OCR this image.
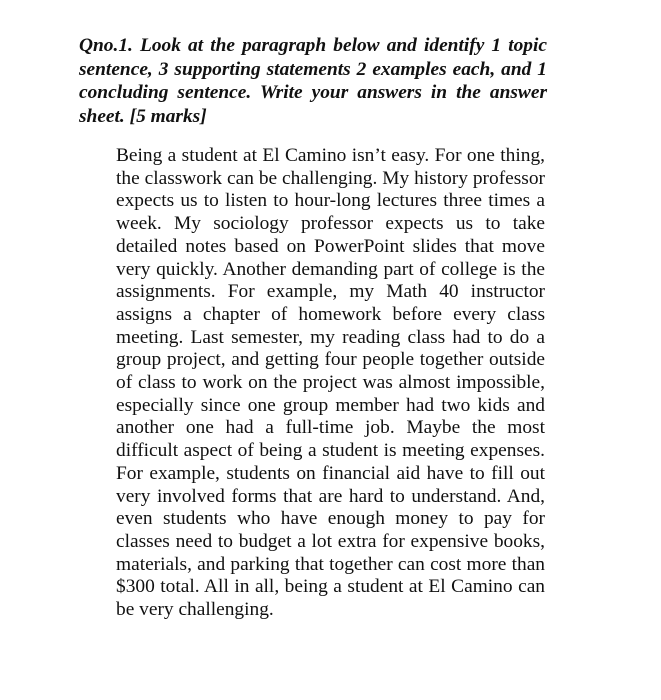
Qno.1. Look at the paragraph below and identify 1 topic sentence, 3 supporting statements 2 examples each, and 1 concluding sentence. Write your answers in the answer sheet. [5 marks]

Being a student at El Camino isn’t easy. For one thing, the classwork can be challenging. My history professor expects us to listen to hour-long lectures three times a week. My sociology professor expects us to take detailed notes based on PowerPoint slides that move very quickly. Another demanding part of college is the assignments. For example, my Math 40 instructor assigns a chapter of homework before every class meeting. Last semester, my reading class had to do a group project, and getting four people together outside of class to work on the project was almost impossible, especially since one group member had two kids and another one had a full-time job. Maybe the most difficult aspect of being a student is meeting expenses. For example, students on financial aid have to fill out very involved forms that are hard to understand. And, even students who have enough money to pay for classes need to budget a lot extra for expensive books, materials, and parking that together can cost more than $300 total. All in all, being a student at El Camino can be very challenging.
